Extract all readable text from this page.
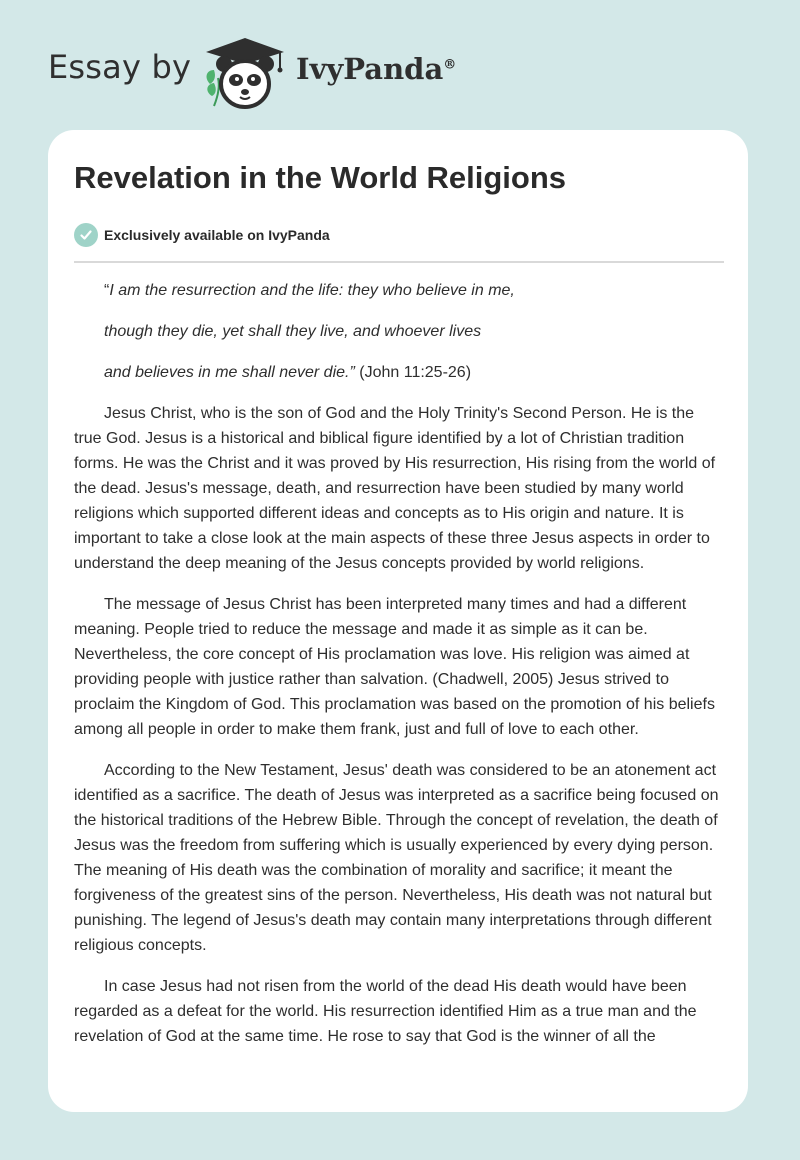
Essay by	IvyPanda®
Revelation in the World Religions
Exclusively available on IvyPanda

“I am the resurrection and the life: they who believe in me,

though they die, yet shall they live, and whoever lives

and believes in me shall never die.” (John 11:25-26)

Jesus Christ, who is the son of God and the Holy Trinity's Second Person. He is the true God. Jesus is a historical and biblical figure identified by a lot of Christian tradition forms. He was the Christ and it was proved by His resurrection, His rising from the world of the dead. Jesus's message, death, and resurrection have been studied by many world religions which supported different ideas and concepts as to His origin and nature. It is important to take a close look at the main aspects of these three Jesus aspects in order to understand the deep meaning of the Jesus concepts provided by world religions.

The message of Jesus Christ has been interpreted many times and had a different meaning. People tried to reduce the message and made it as simple as it can be. Nevertheless, the core concept of His proclamation was love. His religion was aimed at providing people with justice rather than salvation. (Chadwell, 2005) Jesus strived to proclaim the Kingdom of God. This proclamation was based on the promotion of his beliefs among all people in order to make them frank, just and full of love to each other.

According to the New Testament, Jesus' death was considered to be an atonement act identified as a sacrifice. The death of Jesus was interpreted as a sacrifice being focused on the historical traditions of the Hebrew Bible. Through the concept of revelation, the death of Jesus was the freedom from suffering which is usually experienced by every dying person. The meaning of His death was the combination of morality and sacrifice; it meant the forgiveness of the greatest sins of the person. Nevertheless, His death was not natural but punishing. The legend of Jesus's death may contain many interpretations through different religious concepts.

In case Jesus had not risen from the world of the dead His death would have been regarded as a defeat for the world. His resurrection identified Him as a true man and the revelation of God at the same time. He rose to say that God is the winner of all the
